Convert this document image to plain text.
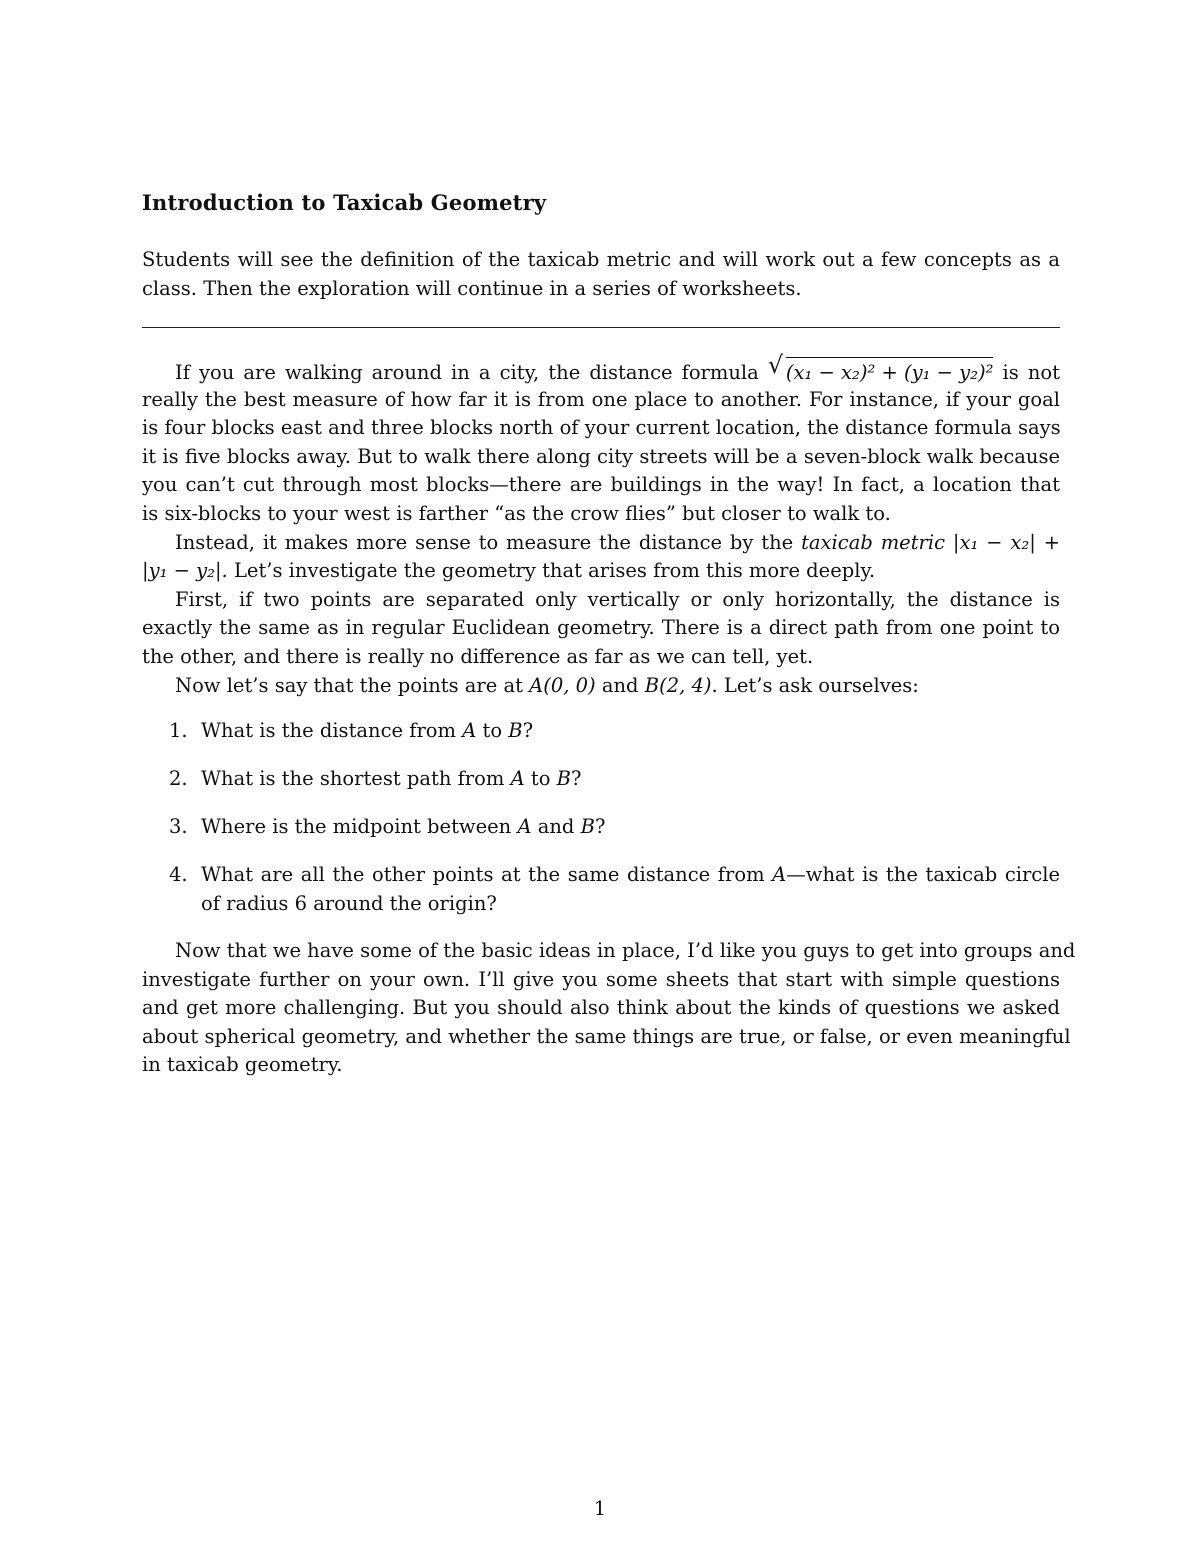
Introduction to Taxicab Geometry
Students will see the definition of the taxicab metric and will work out a few concepts as a
class. Then the exploration will continue in a series of worksheets.
If you are walking around in a city, the distance formula √ (x₁ − x₂)² + (y₁ − y₂)² is not
really the best measure of how far it is from one place to another. For instance, if your goal
is four blocks east and three blocks north of your current location, the distance formula says
it is five blocks away. But to walk there along city streets will be a seven-block walk because
you can’t cut through most blocks—there are buildings in the way! In fact, a location that
is six-blocks to your west is farther “as the crow flies” but closer to walk to.
Instead, it makes more sense to measure the distance by the taxicab metric |x₁ − x₂| +
|y₁ − y₂|. Let’s investigate the geometry that arises from this more deeply.
First, if two points are separated only vertically or only horizontally, the distance is
exactly the same as in regular Euclidean geometry. There is a direct path from one point to
the other, and there is really no difference as far as we can tell, yet.
Now let’s say that the points are at A(0, 0) and B(2, 4). Let’s ask ourselves:
1. What is the distance from A to B?
2. What is the shortest path from A to B?
3. Where is the midpoint between A and B?
4. What are all the other points at the same distance from A—what is the taxicab circle
of radius 6 around the origin?
Now that we have some of the basic ideas in place, I’d like you guys to get into groups and
investigate further on your own. I’ll give you some sheets that start with simple questions
and get more challenging. But you should also think about the kinds of questions we asked
about spherical geometry, and whether the same things are true, or false, or even meaningful
in taxicab geometry.
1
